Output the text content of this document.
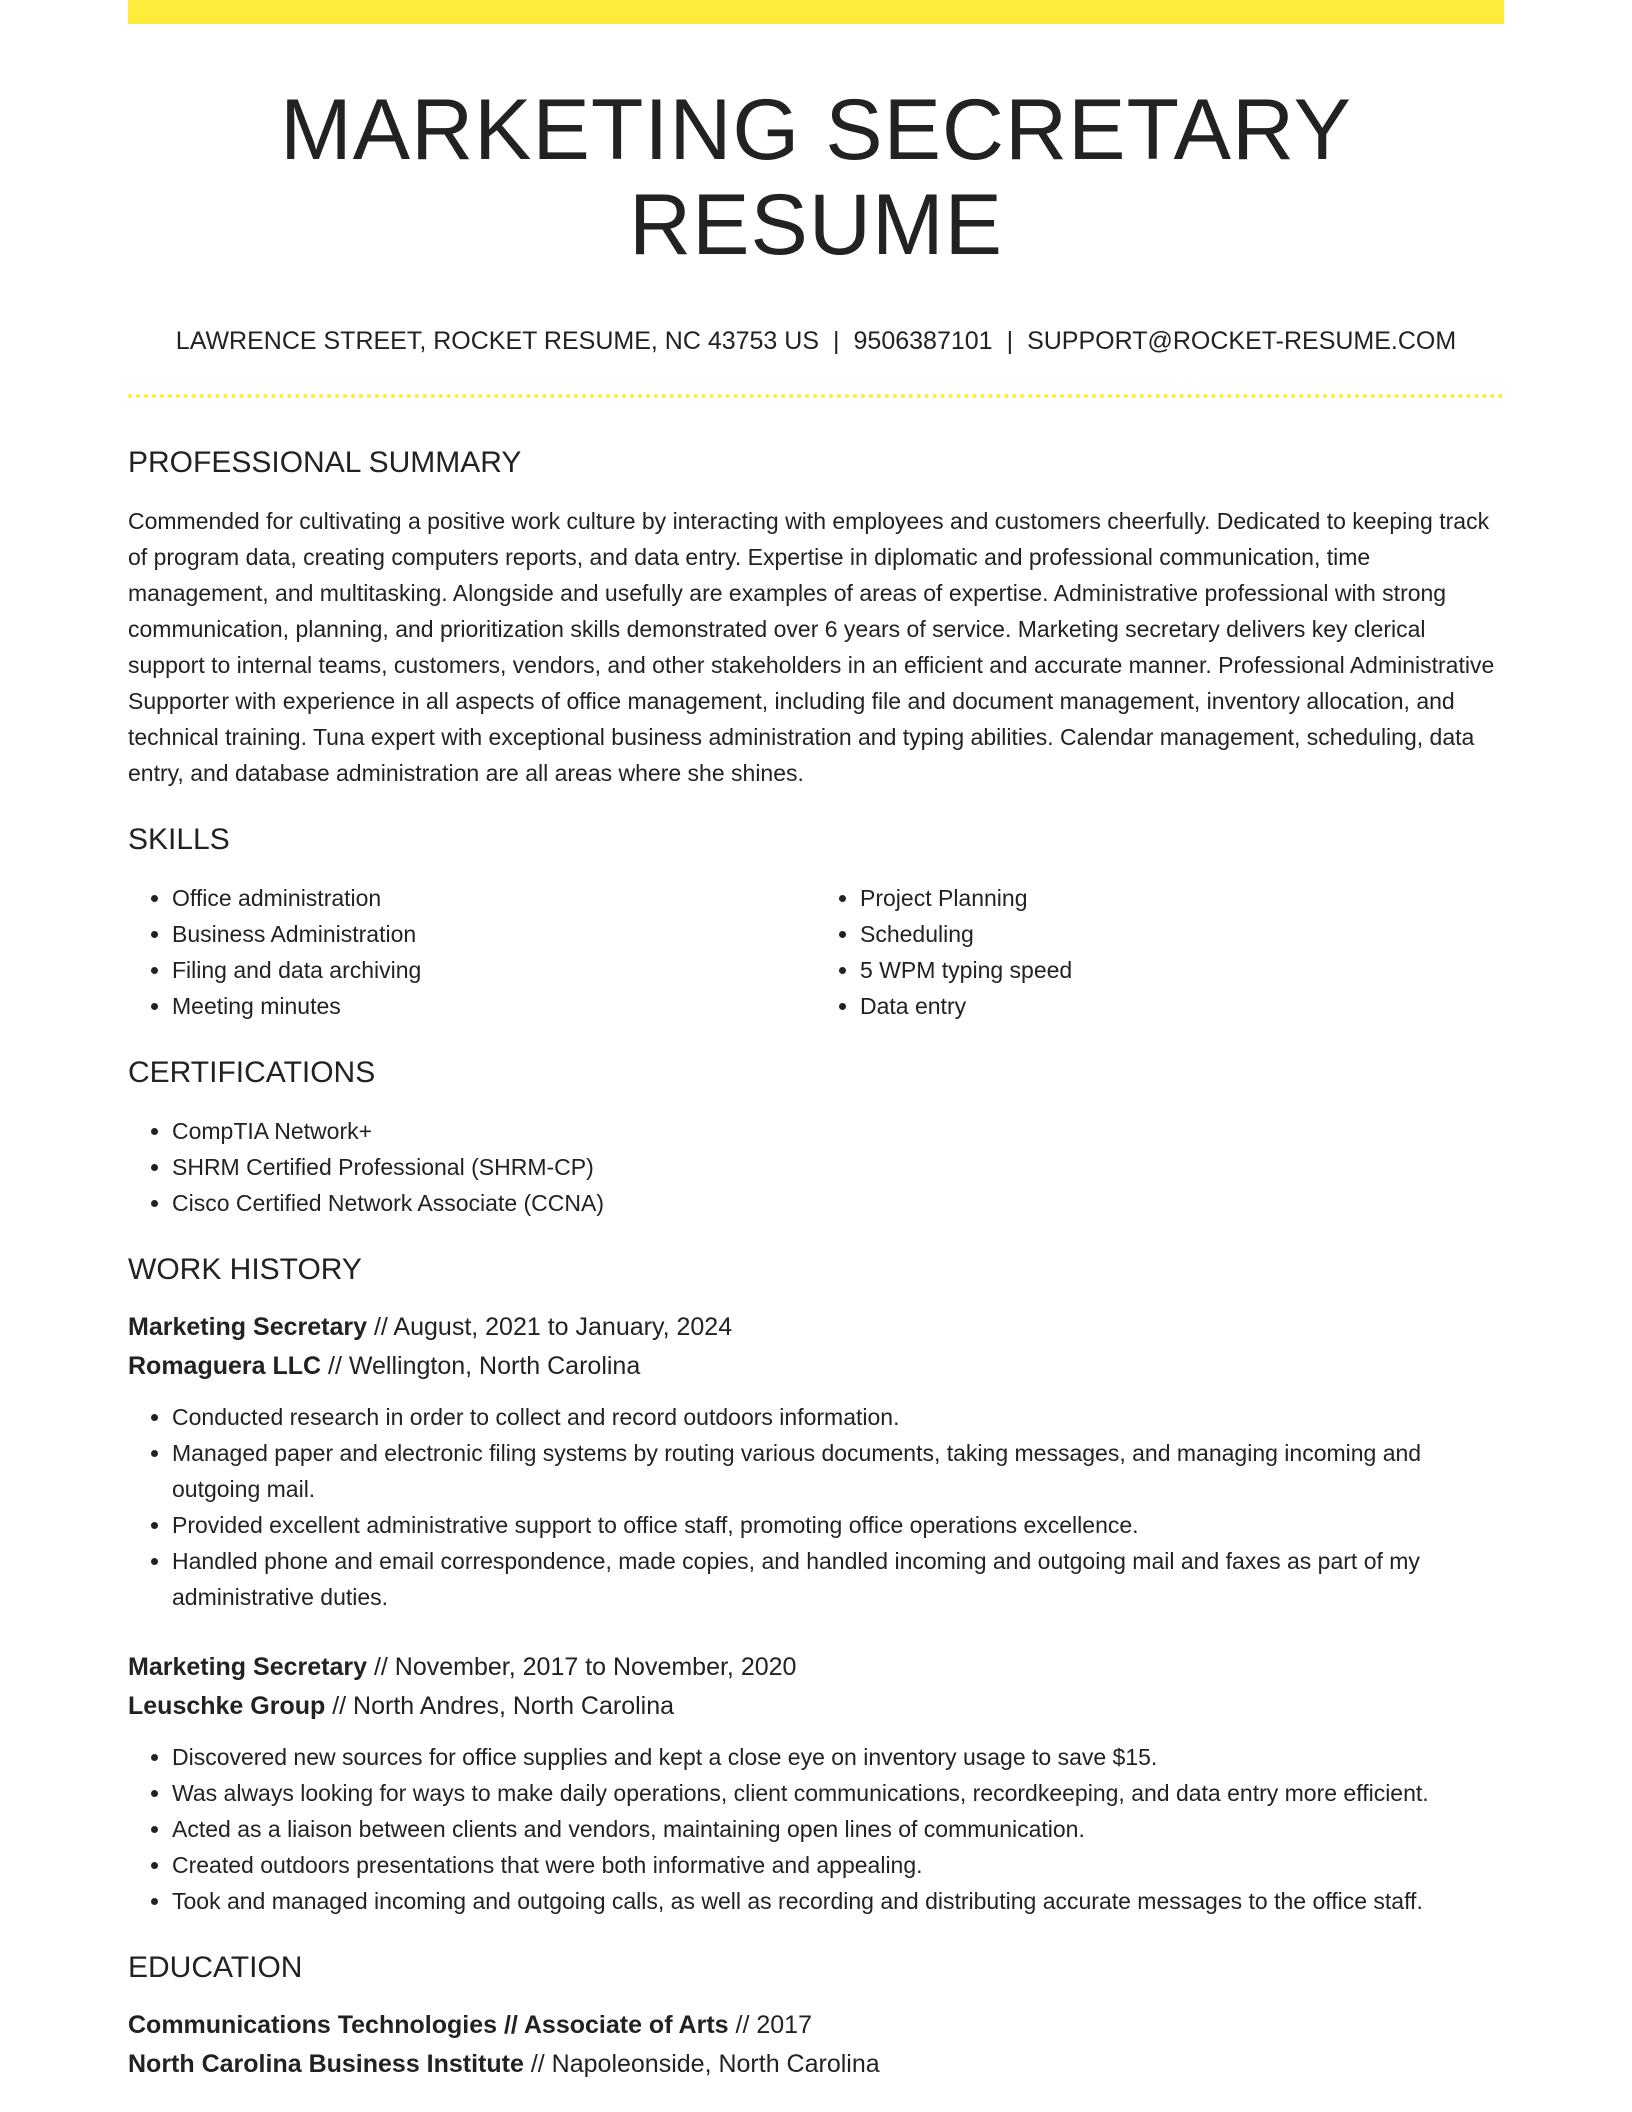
MARKETING SECRETARY RESUME
LAWRENCE STREET, ROCKET RESUME, NC 43753 US | 9506387101 | SUPPORT@ROCKET-RESUME.COM
PROFESSIONAL SUMMARY

Commended for cultivating a positive work culture by interacting with employees and customers cheerfully. Dedicated to keeping track of program data, creating computers reports, and data entry. Expertise in diplomatic and professional communication, time management, and multitasking. Alongside and usefully are examples of areas of expertise. Administrative professional with strong communication, planning, and prioritization skills demonstrated over 6 years of service. Marketing secretary delivers key clerical support to internal teams, customers, vendors, and other stakeholders in an efficient and accurate manner. Professional Administrative Supporter with experience in all aspects of office management, including file and document management, inventory allocation, and technical training. Tuna expert with exceptional business administration and typing abilities. Calendar management, scheduling, data entry, and database administration are all areas where she shines.

SKILLS
• Office administration
• Business Administration
• Filing and data archiving
• Meeting minutes
• Project Planning
• Scheduling
• 5 WPM typing speed
• Data entry
CERTIFICATIONS
• CompTIA Network+
• SHRM Certified Professional (SHRM-CP)
• Cisco Certified Network Associate (CCNA)
WORK HISTORY
Marketing Secretary // August, 2021 to January, 2024
Romaguera LLC // Wellington, North Carolina
• Conducted research in order to collect and record outdoors information.
• Managed paper and electronic filing systems by routing various documents, taking messages, and managing incoming and outgoing mail.
• Provided excellent administrative support to office staff, promoting office operations excellence.
• Handled phone and email correspondence, made copies, and handled incoming and outgoing mail and faxes as part of my administrative duties.
Marketing Secretary // November, 2017 to November, 2020
Leuschke Group // North Andres, North Carolina
• Discovered new sources for office supplies and kept a close eye on inventory usage to save $15.
• Was always looking for ways to make daily operations, client communications, recordkeeping, and data entry more efficient.
• Acted as a liaison between clients and vendors, maintaining open lines of communication.
• Created outdoors presentations that were both informative and appealing.
• Took and managed incoming and outgoing calls, as well as recording and distributing accurate messages to the office staff.
EDUCATION
Communications Technologies // Associate of Arts // 2017
North Carolina Business Institute // Napoleonside, North Carolina
